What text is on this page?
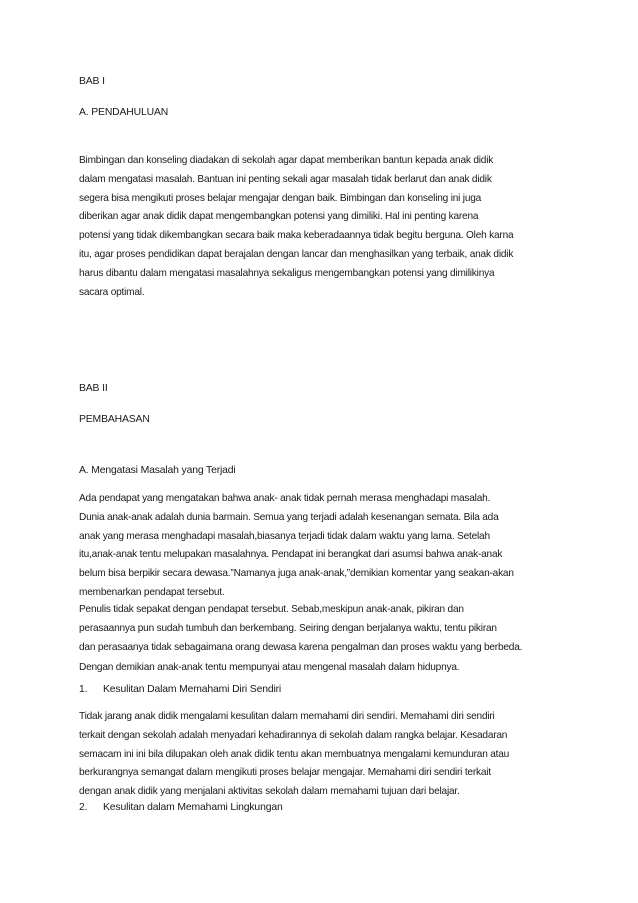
BAB I
A. PENDAHULUAN
Bimbingan dan konseling diadakan di sekolah agar dapat memberikan bantun kepada anak didik
dalam mengatasi masalah. Bantuan ini penting sekali agar masalah tidak berlarut dan anak didik
segera bisa mengikuti proses belajar mengajar dengan baik. Bimbingan dan konseling ini juga
diberikan agar anak didik dapat mengembangkan potensi yang dimiliki. Hal ini penting karena
potensi yang tidak dikembangkan secara baik maka keberadaannya tidak begitu berguna. Oleh karna
itu, agar proses pendidikan dapat berajalan dengan lancar dan menghasilkan yang terbaik, anak didik
harus dibantu dalam mengatasi masalahnya sekaligus mengembangkan potensi yang dimilikinya
sacara optimal.
BAB II
PEMBAHASAN
A. Mengatasi Masalah yang Terjadi
Ada pendapat yang mengatakan bahwa anak- anak tidak pernah merasa menghadapi masalah.
Dunia anak-anak adalah dunia barmain. Semua yang terjadi adalah kesenangan semata. Bila ada
anak yang merasa menghadapi masalah,biasanya terjadi tidak dalam waktu yang lama. Setelah
itu,anak-anak tentu melupakan masalahnya. Pendapat ini berangkat dari asumsi bahwa anak-anak
belum bisa berpikir secara dewasa.”Namanya juga anak-anak,”demikian komentar yang seakan-akan
membenarkan pendapat tersebut.
Penulis tidak sepakat dengan pendapat tersebut. Sebab,meskipun anak-anak, pikiran dan
perasaannya pun sudah tumbuh dan berkembang. Seiring dengan berjalanya waktu, tentu pikiran
dan perasaanya tidak sebagaimana orang dewasa karena pengalman dan proses waktu yang berbeda.
Dengan demikian anak-anak tentu mempunyai atau mengenal masalah dalam hidupnya.
1. Kesulitan Dalam Memahami Diri Sendiri
Tidak jarang anak didik mengalami kesulitan dalam memahami diri sendiri. Memahami diri sendiri
terkait dengan sekolah adalah menyadari kehadirannya di sekolah dalam rangka belajar. Kesadaran
semacam ini ini bila dilupakan oleh anak didik tentu akan membuatnya mengalami kemunduran atau
berkurangnya semangat dalam mengikuti proses belajar mengajar. Memahami diri sendiri terkait
dengan anak didik yang menjalani aktivitas sekolah dalam memahami tujuan dari belajar.
2. Kesulitan dalam Memahami Lingkungan
